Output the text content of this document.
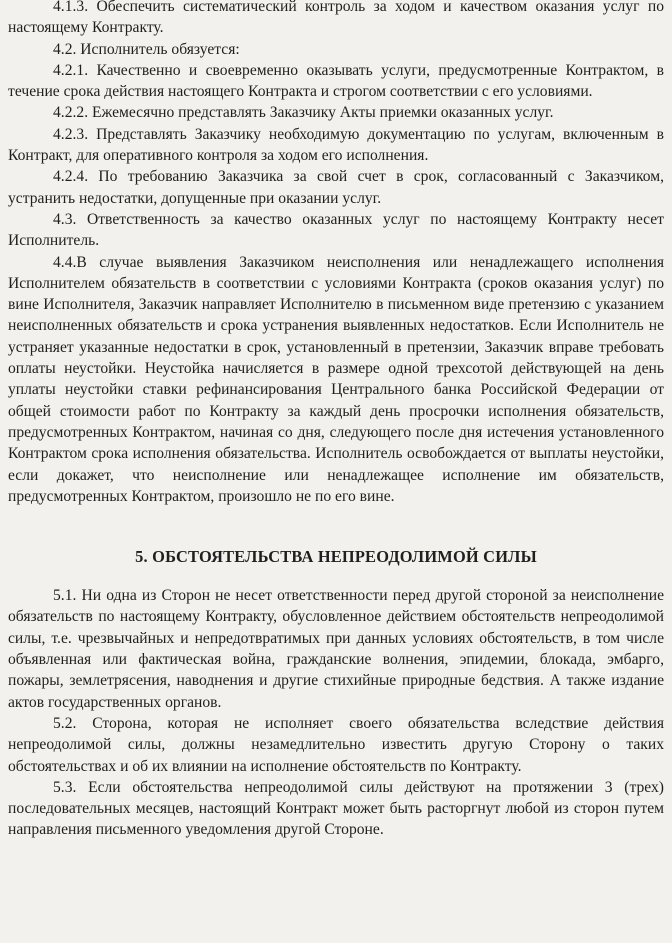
4.1.3. Обеспечить систематический контроль за ходом и качеством оказания услуг по настоящему Контракту.

4.2. Исполнитель обязуется:

4.2.1. Качественно и своевременно оказывать услуги, предусмотренные Контрактом, в течение срока действия настоящего Контракта и строгом соответствии с его условиями.

4.2.2. Ежемесячно представлять Заказчику Акты приемки оказанных услуг.

4.2.3. Представлять Заказчику необходимую документацию по услугам, включенным в Контракт, для оперативного контроля за ходом его исполнения.

4.2.4. По требованию Заказчика за свой счет в срок, согласованный с Заказчиком, устранить недостатки, допущенные при оказании услуг.

4.3. Ответственность за качество оказанных услуг по настоящему Контракту несет Исполнитель.

4.4.В случае выявления Заказчиком неисполнения или ненадлежащего исполнения Исполнителем обязательств в соответствии с условиями Контракта (сроков оказания услуг) по вине Исполнителя, Заказчик направляет Исполнителю в письменном виде претензию с указанием неисполненных обязательств и срока устранения выявленных недостатков. Если Исполнитель не устраняет указанные недостатки в срок, установленный в претензии, Заказчик вправе требовать оплаты неустойки. Неустойка начисляется в размере одной трехсотой действующей на день уплаты неустойки ставки рефинансирования Центрального банка Российской Федерации от общей стоимости работ по Контракту за каждый день просрочки исполнения обязательств, предусмотренных Контрактом, начиная со дня, следующего после дня истечения установленного Контрактом срока исполнения обязательства. Исполнитель освобождается от выплаты неустойки, если докажет, что неисполнение или ненадлежащее исполнение им обязательств, предусмотренных Контрактом, произошло не по его вине.

5. ОБСТОЯТЕЛЬСТВА НЕПРЕОДОЛИМОЙ СИЛЫ

5.1. Ни одна из Сторон не несет ответственности перед другой стороной за неисполнение обязательств по настоящему Контракту, обусловленное действием обстоятельств непреодолимой силы, т.е. чрезвычайных и непредотвратимых при данных условиях обстоятельств, в том числе объявленная или фактическая война, гражданские волнения, эпидемии, блокада, эмбарго, пожары, землетрясения, наводнения и другие стихийные природные бедствия. А также издание актов государственных органов.

5.2. Сторона, которая не исполняет своего обязательства вследствие действия непреодолимой силы, должны незамедлительно известить другую Сторону о таких обстоятельствах и об их влиянии на исполнение обстоятельств по Контракту.

5.3. Если обстоятельства непреодолимой силы действуют на протяжении 3 (трех) последовательных месяцев, настоящий Контракт может быть расторгнут любой из сторон путем направления письменного уведомления другой Стороне.
